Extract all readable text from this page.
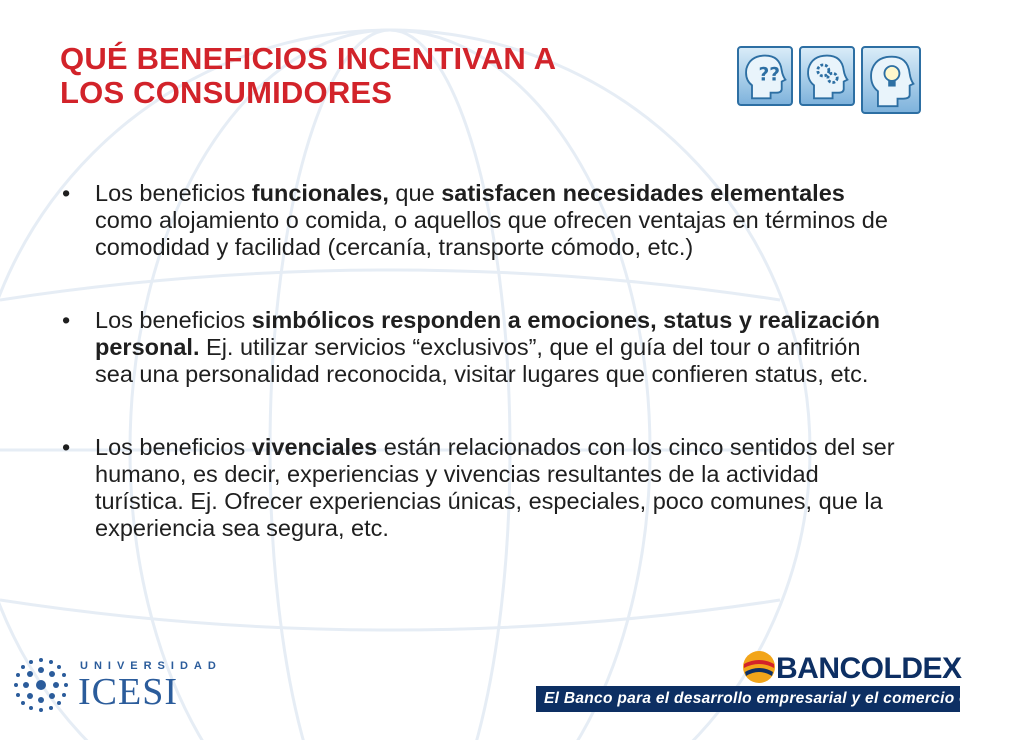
QUÉ BENEFICIOS INCENTIVAN A
LOS CONSUMIDORES	??
• Los beneficios funcionales, que satisfacen necesidades elementales como alojamiento o comida, o aquellos que ofrecen ventajas en términos de comodidad y facilidad (cercanía, transporte cómodo, etc.)
• Los beneficios simbólicos responden a emociones, status y realización personal. Ej. utilizar servicios “exclusivos”, que el guía del tour o anfitrión sea una personalidad reconocida, visitar lugares que confieren status, etc.
• Los beneficios vivenciales están relacionados con los cinco sentidos del ser humano, es decir, experiencias y vivencias resultantes de la actividad turística. Ej. Ofrecer experiencias únicas, especiales, poco comunes, que la experiencia sea segura, etc.
UNIVERSIDAD
ICESI
BANCOLDEX
El Banco para el desarrollo empresarial y el comercio exterior
